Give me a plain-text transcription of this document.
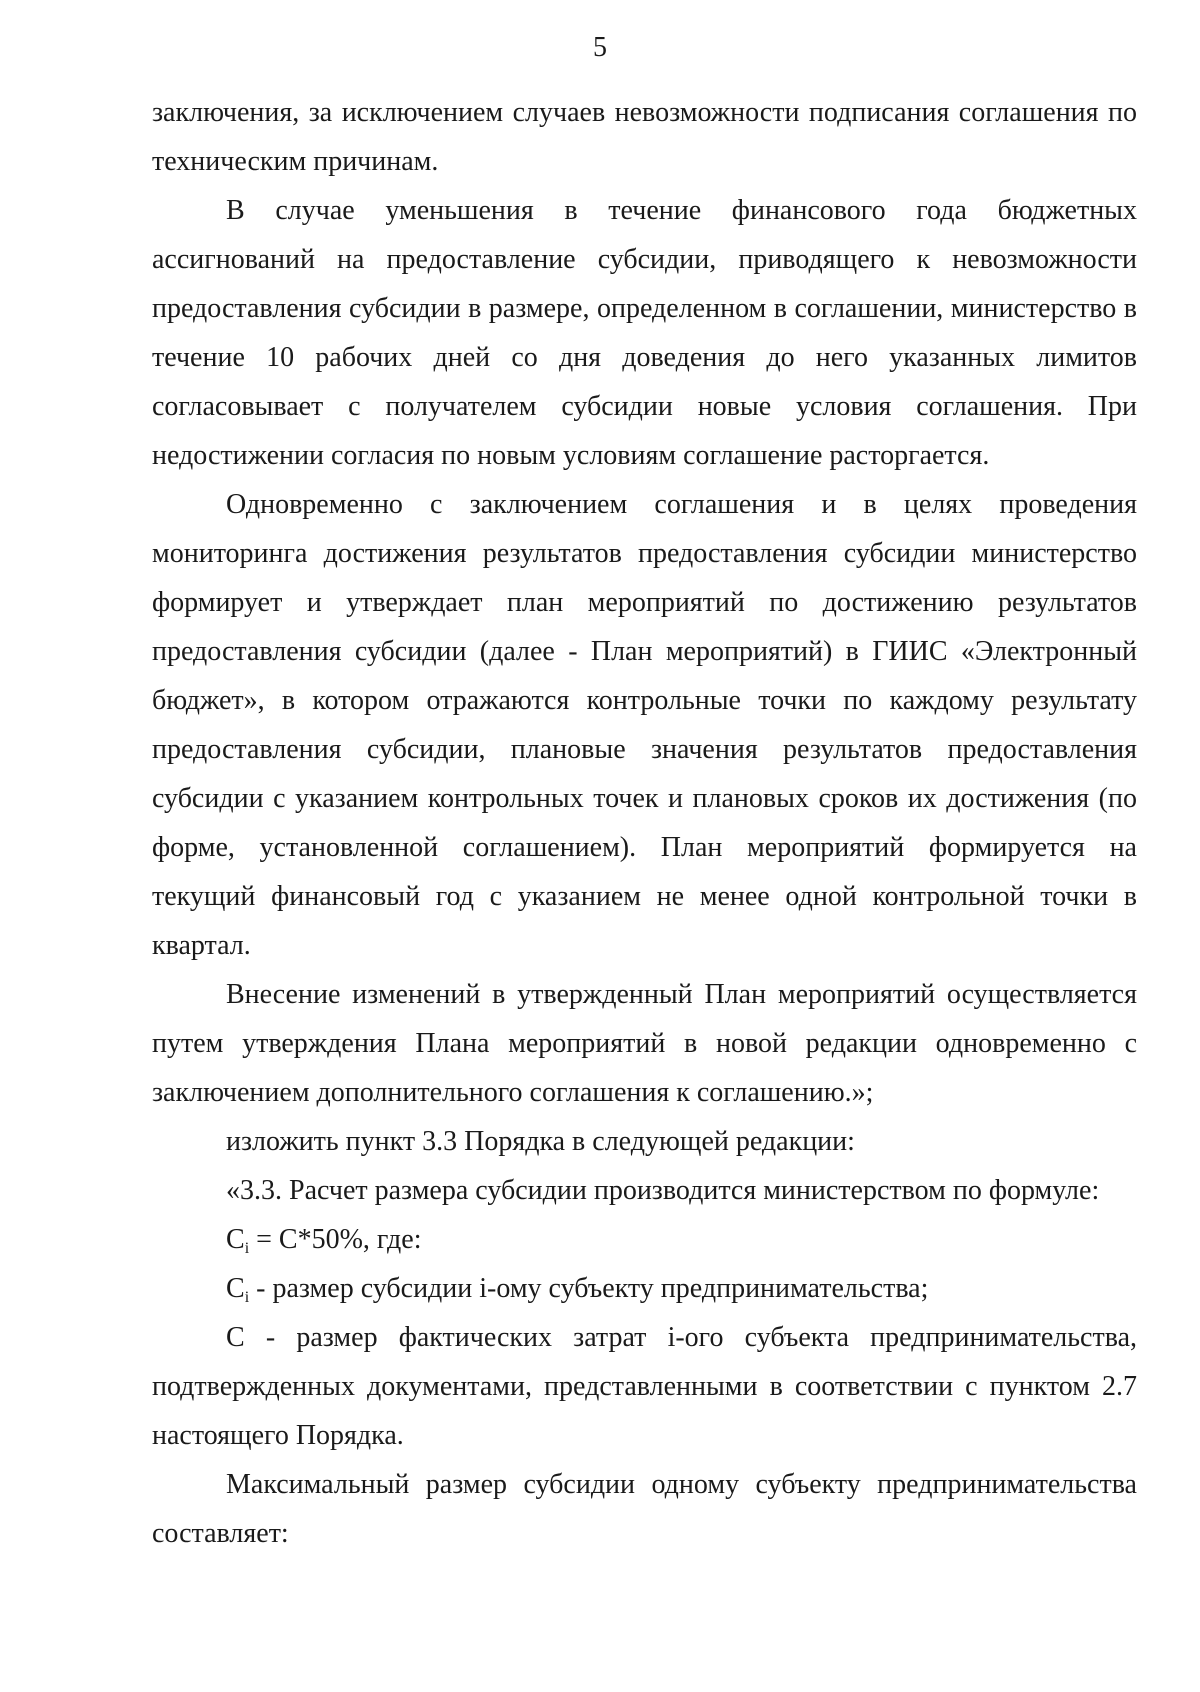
5

заключения, за исключением случаев невозможности подписания соглашения по техническим причинам.

В случае уменьшения в течение финансового года бюджетных ассигнований на предоставление субсидии, приводящего к невозможности предоставления субсидии в размере, определенном в соглашении, министерство в течение 10 рабочих дней со дня доведения до него указанных лимитов согласовывает с получателем субсидии новые условия соглашения. При недостижении согласия по новым условиям соглашение расторгается.

Одновременно с заключением соглашения и в целях проведения мониторинга достижения результатов предоставления субсидии министерство формирует и утверждает план мероприятий по достижению результатов предоставления субсидии (далее - План мероприятий) в ГИИС «Электронный бюджет», в котором отражаются контрольные точки по каждому результату предоставления субсидии, плановые значения результатов предоставления субсидии с указанием контрольных точек и плановых сроков их достижения (по форме, установленной соглашением). План мероприятий формируется на текущий финансовый год с указанием не менее одной контрольной точки в квартал.

Внесение изменений в утвержденный План мероприятий осуществляется путем утверждения Плана мероприятий в новой редакции одновременно с заключением дополнительного соглашения к соглашению.»;

изложить пункт 3.3 Порядка в следующей редакции:

«3.3. Расчет размера субсидии производится министерством по формуле:

$C_i = C*50\%$, где:

$C_i$ - размер субсидии i-ому субъекту предпринимательства;

С - размер фактических затрат i-ого субъекта предпринимательства, подтвержденных документами, представленными в соответствии с пунктом 2.7 настоящего Порядка.

Максимальный размер субсидии одному субъекту предпринимательства составляет:
